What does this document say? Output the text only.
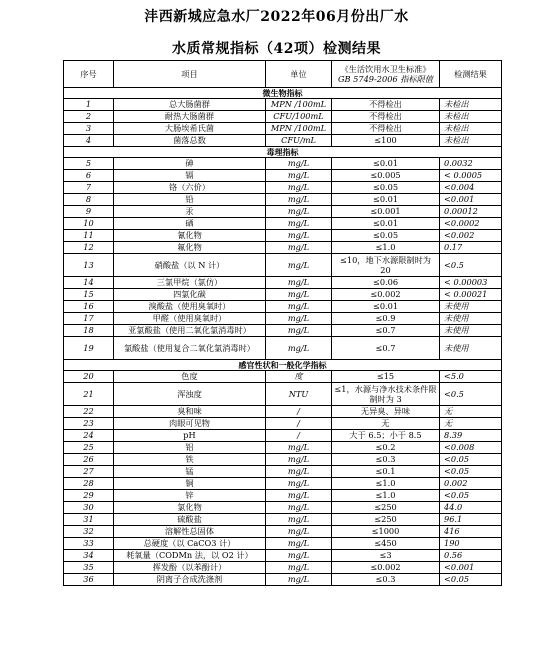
沣西新城应急水厂2022年06月份出厂水
水质常规指标（42项）检测结果
序号	项目	单位	《生活饮用水卫生标准》
GB 5749-2006 指标限值	检测结果
微生物指标				
1	总大肠菌群	MPN /100mL	不得检出	未检出
2	耐热大肠菌群	CFU/100mL	不得检出	未检出
3	大肠埃希氏菌	MPN /100mL	不得检出	未检出
4	菌落总数	CFU/mL	≤100	未检出
毒理指标				
5	砷	mg/L	≤0.01	0.0032
6	镉	mg/L	≤0.005	< 0.0005
7	铬（六价）	mg/L	≤0.05	<0.004
8	铅	mg/L	≤0.01	<0.001
9	汞	mg/L	≤0.001	0.00012
10	硒	mg/L	≤0.01	<0.0002
11	氰化物	mg/L	≤0.05	<0.002
12	氟化物	mg/L	≤1.0	0.17
13	硝酸盐（以 N 计）	mg/L	≤10，地下水源限制时为 20	<0.5
14	三氯甲烷（氯仿）	mg/L	≤0.06	< 0.00003
15	四氯化碳	mg/L	≤0.002	< 0.00021
16	溴酸盐（使用臭氧时）	mg/L	≤0.01	未使用
17	甲醛（使用臭氧时）	mg/L	≤0.9	未使用
18	亚氯酸盐（使用二氧化氯消毒时）	mg/L	≤0.7	未使用
19	氯酸盐（使用复合二氧化氯消毒时）	mg/L	≤0.7	未使用
感官性状和一般化学指标				
20	色度	度	≤15	<5.0
21	浑浊度	NTU	≤1，水源与净水技术条件限制时为 3	<0.5
22	臭和味	/	无异臭、异味	无
23	肉眼可见物	/	无	无
24	pH	/	大于 6.5；小于 8.5	8.39
25	铝	mg/L	≤0.2	<0.008
26	铁	mg/L	≤0.3	<0.05
27	锰	mg/L	≤0.1	<0.05
28	铜	mg/L	≤1.0	0.002
29	锌	mg/L	≤1.0	<0.05
30	氯化物	mg/L	≤250	44.0
31	硫酸盐	mg/L	≤250	96.1
32	溶解性总固体	mg/L	≤1000	416
33	总硬度（以 CaCO3 计）	mg/L	≤450	190
34	耗氧量（CODMn 法，以 O2 计）	mg/L	≤3	0.56
35	挥发酚（以苯酚计）	mg/L	≤0.002	<0.001
36	阴离子合成洗涤剂	mg/L	≤0.3	<0.05
